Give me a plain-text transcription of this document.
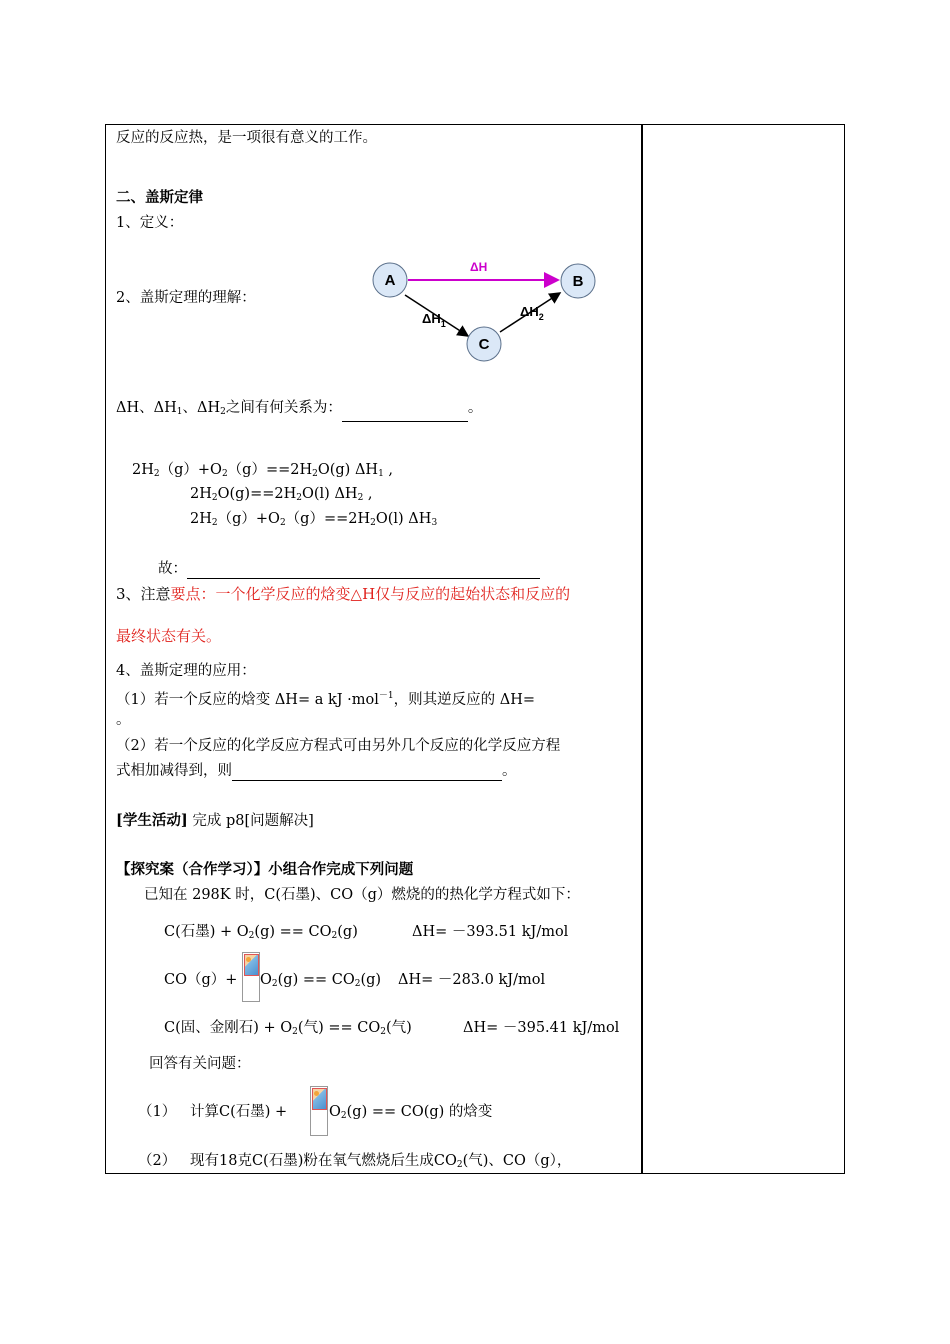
反应的反应热，是一项很有意义的工作。
二、盖斯定律
1、定义：
2、盖斯定理的理解：
A	B
C
ΔH
$\Delta H_1$
$\Delta H_2$
ΔH、$\Delta H_1$、$\Delta H_2$之间有何关系为：	。
$2H_2(g)+O_2(g)==2H_2O(g)$ $\Delta H_1$ ,
$2H_2O(g)==2H_2O(l)$ $\Delta H_2$ ,
$2H_2(g)+O_2(g)==2H_2O(l)$ $\Delta H_3$
故：
3、注意要点：一个化学反应的焓变△H仅与反应的起始状态和反应的
最终状态有关。
4、盖斯定理的应用：
（1）若一个反应的焓变 ΔH= a kJ ·mol$^{-1}$，则其逆反应的 ΔH=
。
（2）若一个反应的化学反应方程式可由另外几个反应的化学反应方程
式相加减得到，则	。
[学生活动] 完成 p8[问题解决]
【探究案（合作学习）】小组合作完成下列问题
已知在 298K 时，C(石墨)、CO（g）燃烧的的热化学方程式如下：
C(石墨) + $O_2(g) == CO_2(g)$	ΔH= －393.51 kJ/mol
$CO(g)+ O_2(g) == CO_2(g)$ ΔH= －283.0 kJ/mol
C(固、金刚石) + $O_2$(气) == $CO_2$(气)	ΔH= －395.41 kJ/mol
回答有关问题：
（1） 计算C(石墨) +	$O_2(g) == CO(g)$ 的焓变
（2） 现有18克C(石墨)粉在氧气燃烧后生成$CO_2$(气)、CO（g），
